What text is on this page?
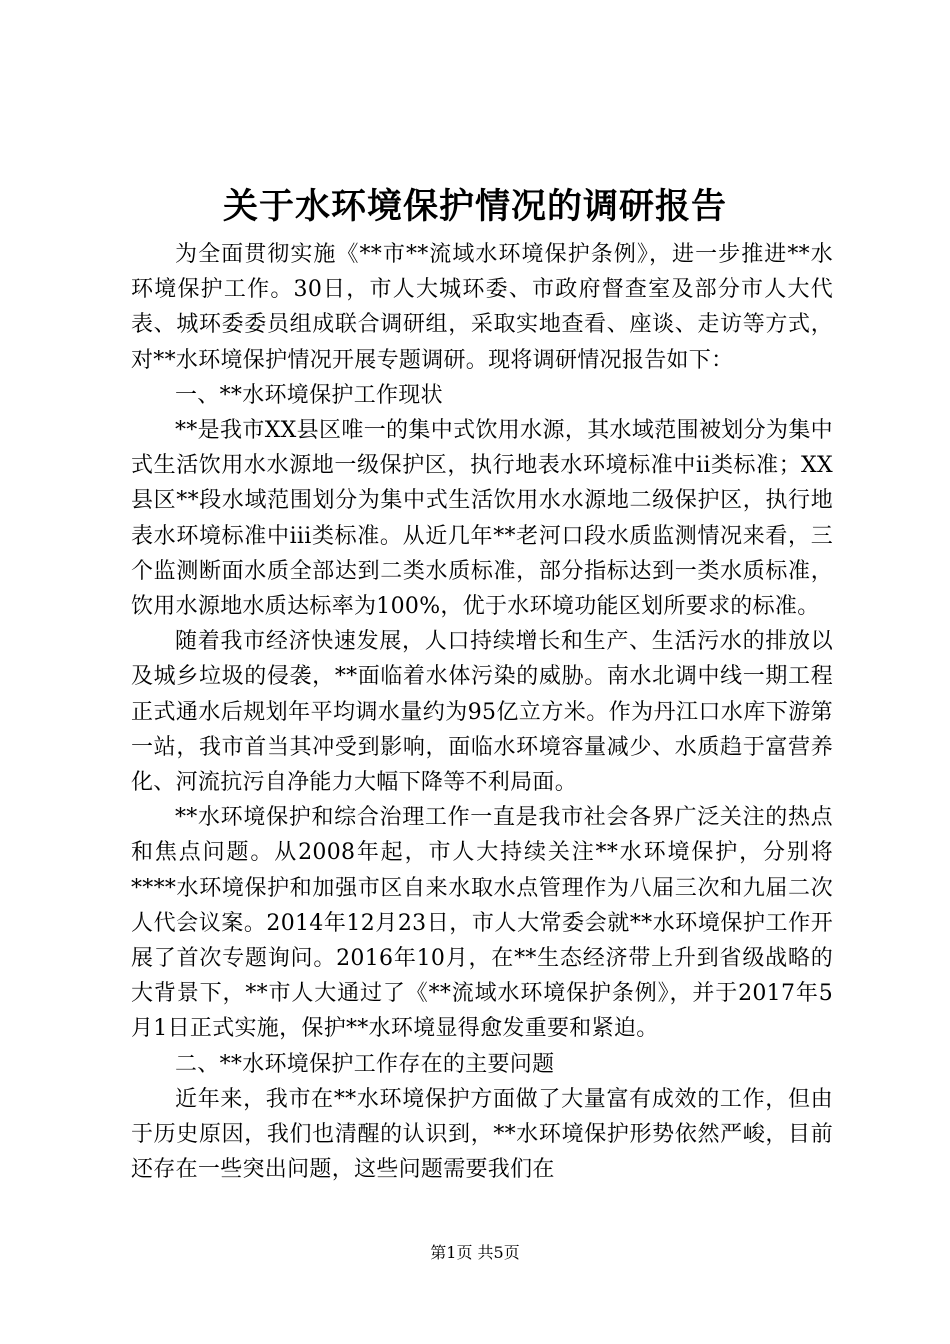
关于水环境保护情况的调研报告

为全面贯彻实施《**市**流域水环境保护条例》，进一步推进**水环境保护工作。30日，市人大城环委、市政府督查室及部分市人大代表、城环委委员组成联合调研组，采取实地查看、座谈、走访等方式，对**水环境保护情况开展专题调研。现将调研情况报告如下：

一、**水环境保护工作现状

**是我市XX县区唯一的集中式饮用水源，其水域范围被划分为集中式生活饮用水水源地一级保护区，执行地表水环境标准中ii类标准；XX县区**段水域范围划分为集中式生活饮用水水源地二级保护区，执行地表水环境标准中iii类标准。从近几年**老河口段水质监测情况来看，三个监测断面水质全部达到二类水质标准，部分指标达到一类水质标准，饮用水源地水质达标率为100%，优于水环境功能区划所要求的标准。

随着我市经济快速发展，人口持续增长和生产、生活污水的排放以及城乡垃圾的侵袭，**面临着水体污染的威胁。南水北调中线一期工程正式通水后规划年平均调水量约为95亿立方米。作为丹江口水库下游第一站，我市首当其冲受到影响，面临水环境容量减少、水质趋于富营养化、河流抗污自净能力大幅下降等不利局面。

**水环境保护和综合治理工作一直是我市社会各界广泛关注的热点和焦点问题。从2008年起，市人大持续关注**水环境保护，分别将****水环境保护和加强市区自来水取水点管理作为八届三次和九届二次人代会议案。2014年12月23日，市人大常委会就**水环境保护工作开展了首次专题询问。2016年10月，在**生态经济带上升到省级战略的大背景下，**市人大通过了《**流域水环境保护条例》，并于2017年5月1日正式实施，保护**水环境显得愈发重要和紧迫。

二、**水环境保护工作存在的主要问题

近年来，我市在**水环境保护方面做了大量富有成效的工作，但由于历史原因，我们也清醒的认识到，**水环境保护形势依然严峻，目前还存在一些突出问题，这些问题需要我们在

第1页 共5页
